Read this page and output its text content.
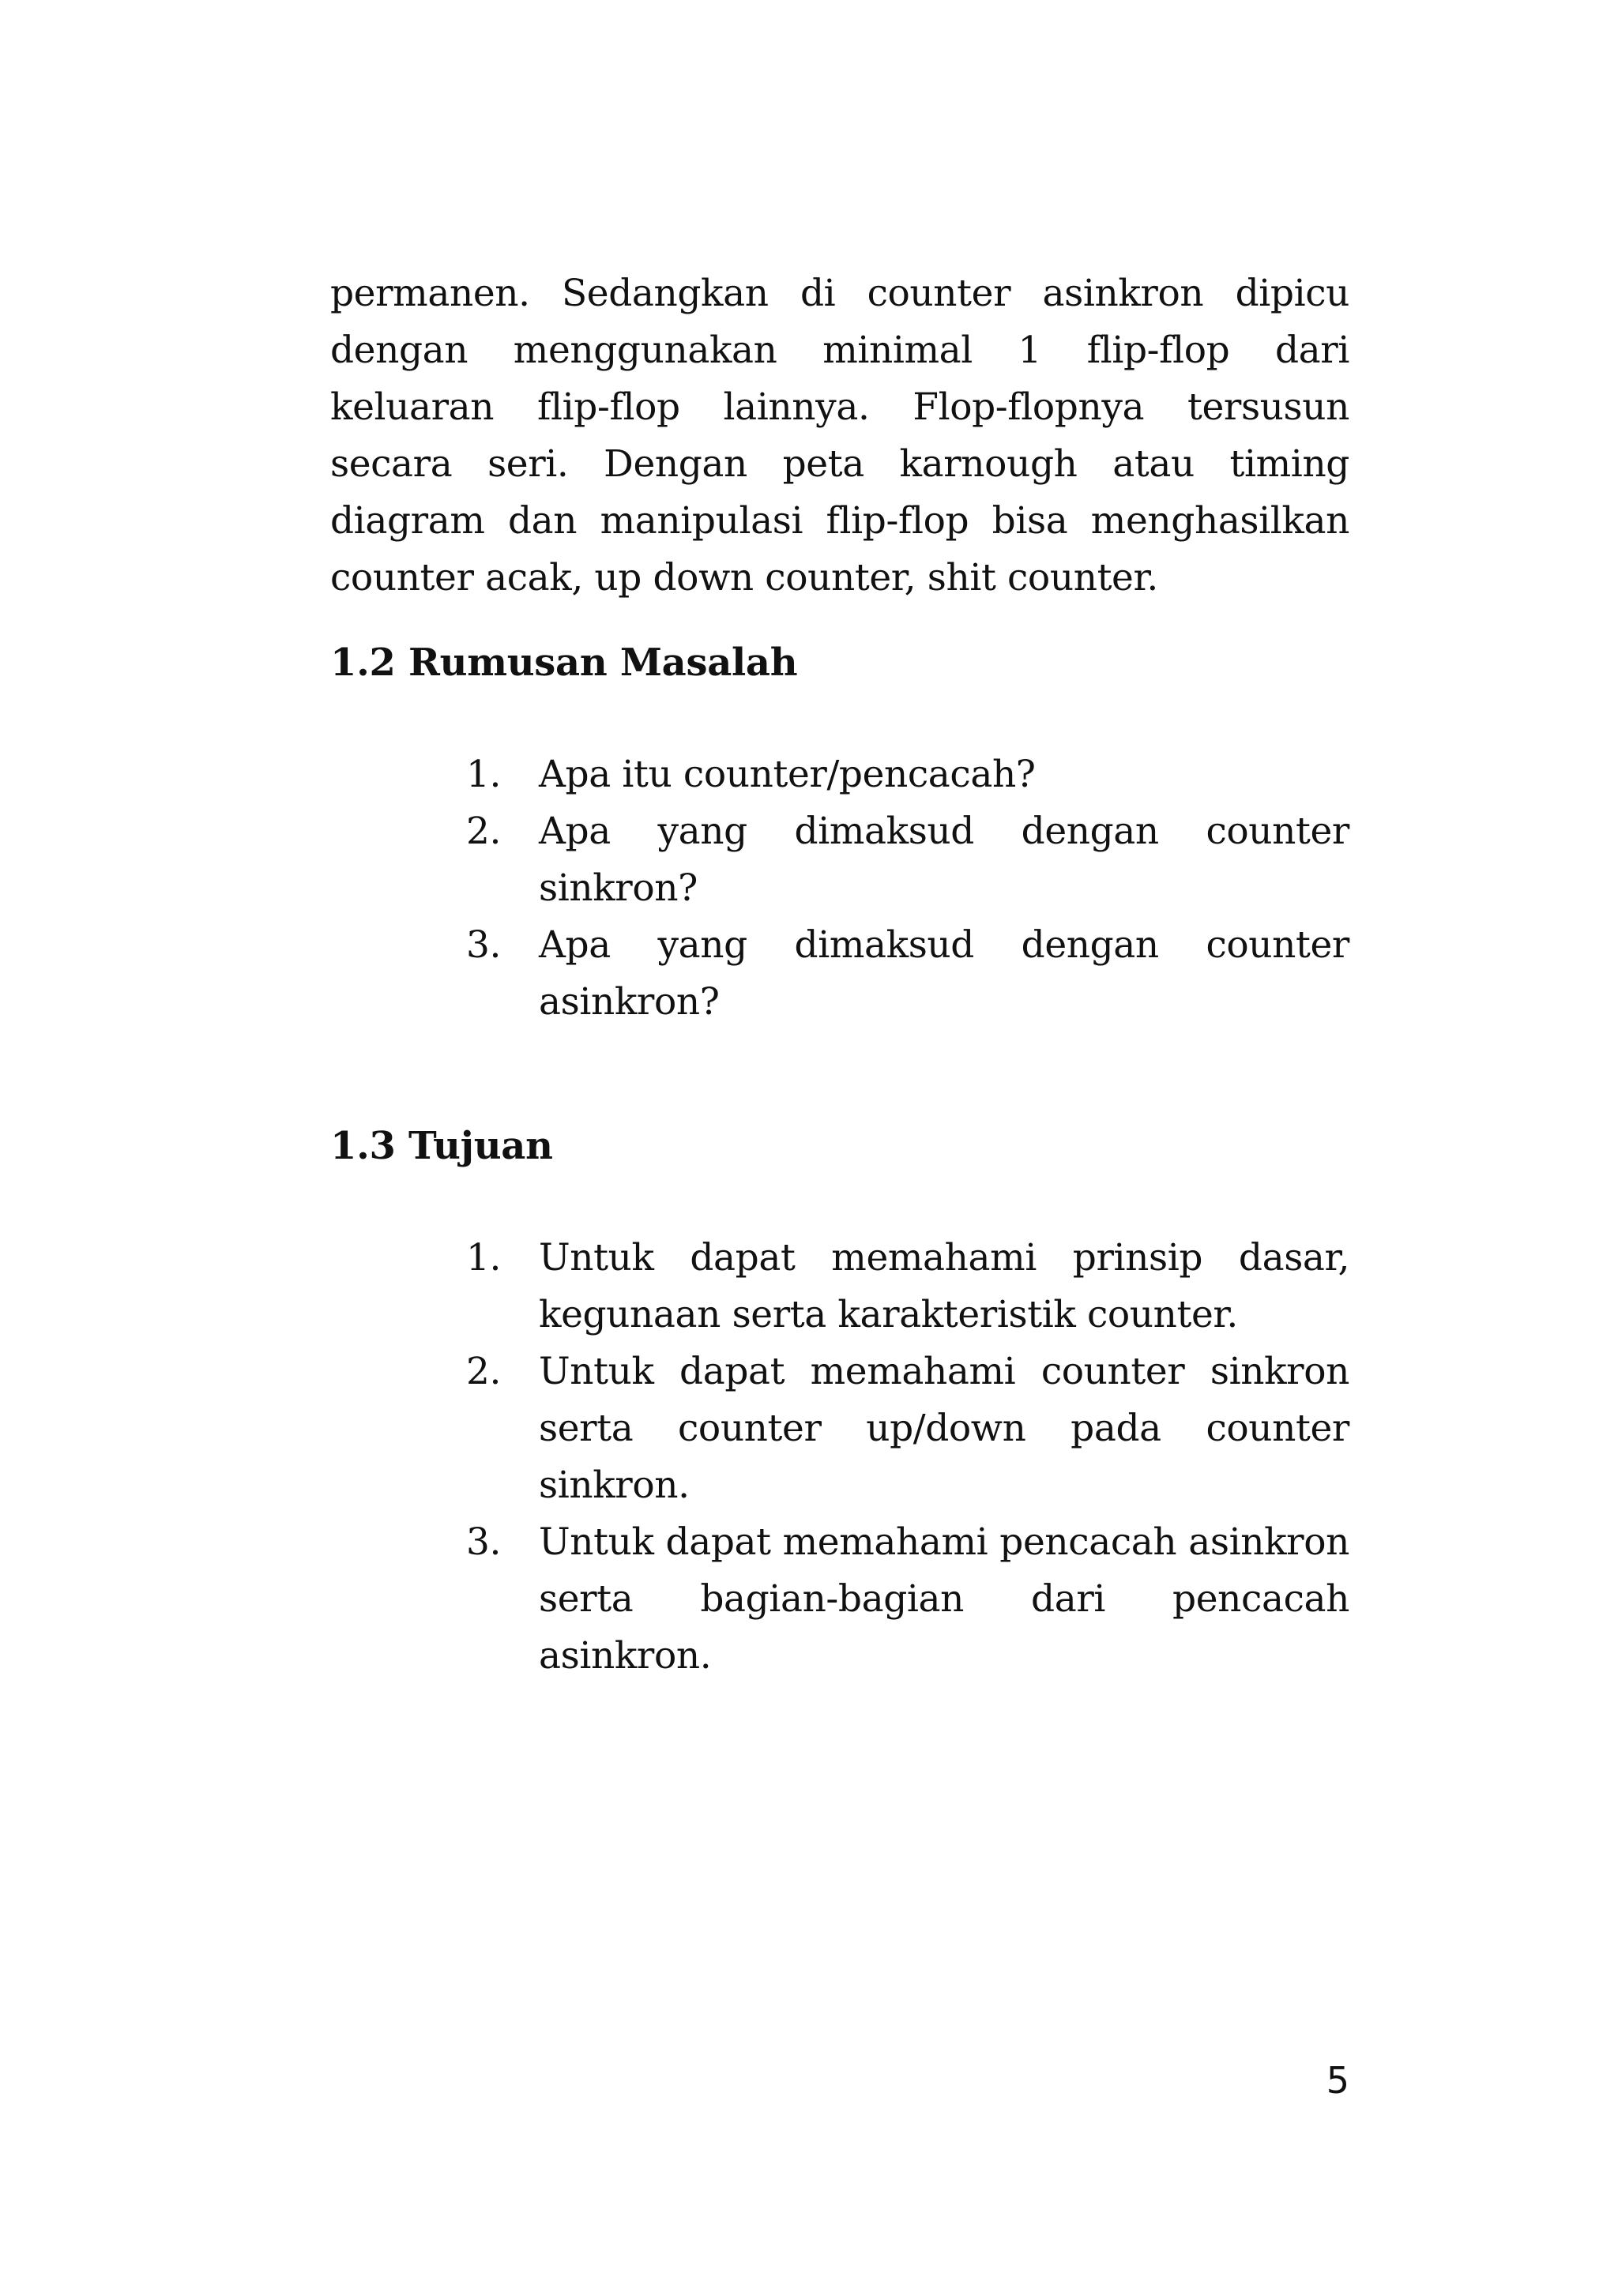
permanen. Sedangkan di counter asinkron dipicu dengan menggunakan minimal 1 flip-flop dari keluaran flip-flop lainnya. Flop-flopnya tersusun secara seri. Dengan peta karnough atau timing diagram dan manipulasi flip-flop bisa menghasilkan counter acak, up down counter, shit counter.

1.2 Rumusan Masalah
1. Apa itu counter/pencacah?
2. Apa yang dimaksud dengan counter sinkron?
3. Apa yang dimaksud dengan counter asinkron?
1.3 Tujuan
1. Untuk dapat memahami prinsip dasar, kegunaan serta karakteristik counter.
2. Untuk dapat memahami counter sinkron serta counter up/down pada counter sinkron.
3. Untuk dapat memahami pencacah asinkron serta bagian-bagian dari pencacah asinkron.
5
